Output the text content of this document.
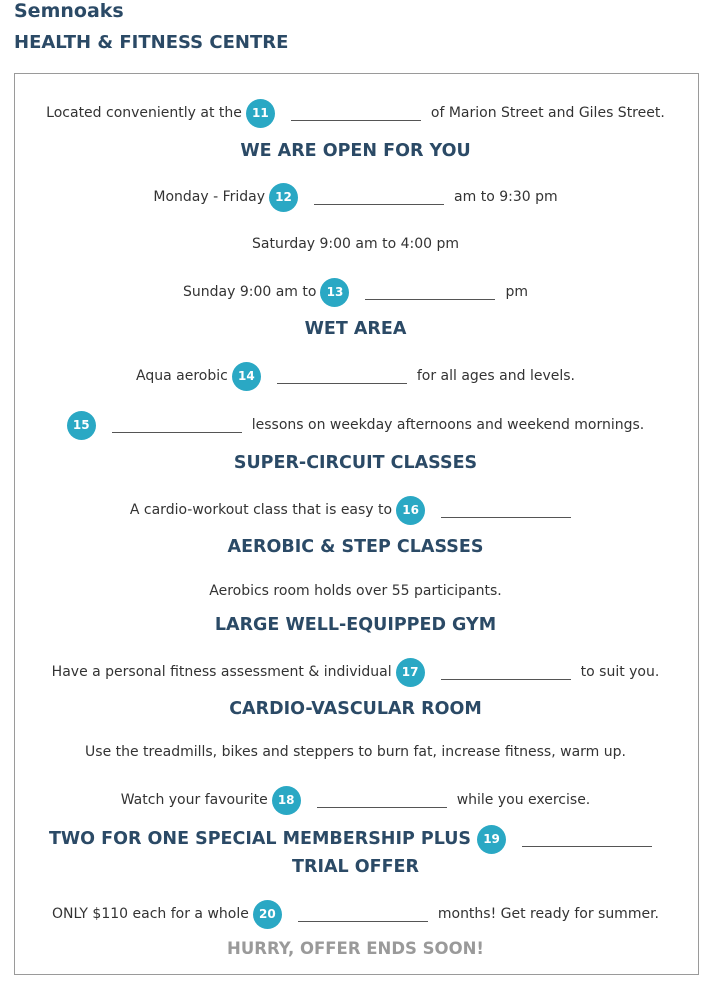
Semnoaks
HEALTH & FITNESS CENTRE
Located conveniently at the 11	of Marion Street and Giles Street.
WE ARE OPEN FOR YOU
Monday - Friday 12	am to 9:30 pm
Saturday 9:00 am to 4:00 pm
Sunday 9:00 am to 13	pm
WET AREA
Aqua aerobic 14	for all ages and levels.
15	lessons on weekday afternoons and weekend mornings.
SUPER-CIRCUIT CLASSES
A cardio-workout class that is easy to 16
AEROBIC & STEP CLASSES
Aerobics room holds over 55 participants.
LARGE WELL-EQUIPPED GYM
Have a personal fitness assessment & individual 17	to suit you.
CARDIO-VASCULAR ROOM
Use the treadmills, bikes and steppers to burn fat, increase fitness, warm up.
Watch your favourite 18	while you exercise.
TWO FOR ONE SPECIAL MEMBERSHIP PLUS	19
TRIAL OFFER
ONLY $110 each for a whole 20	months! Get ready for summer.
HURRY, OFFER ENDS SOON!
